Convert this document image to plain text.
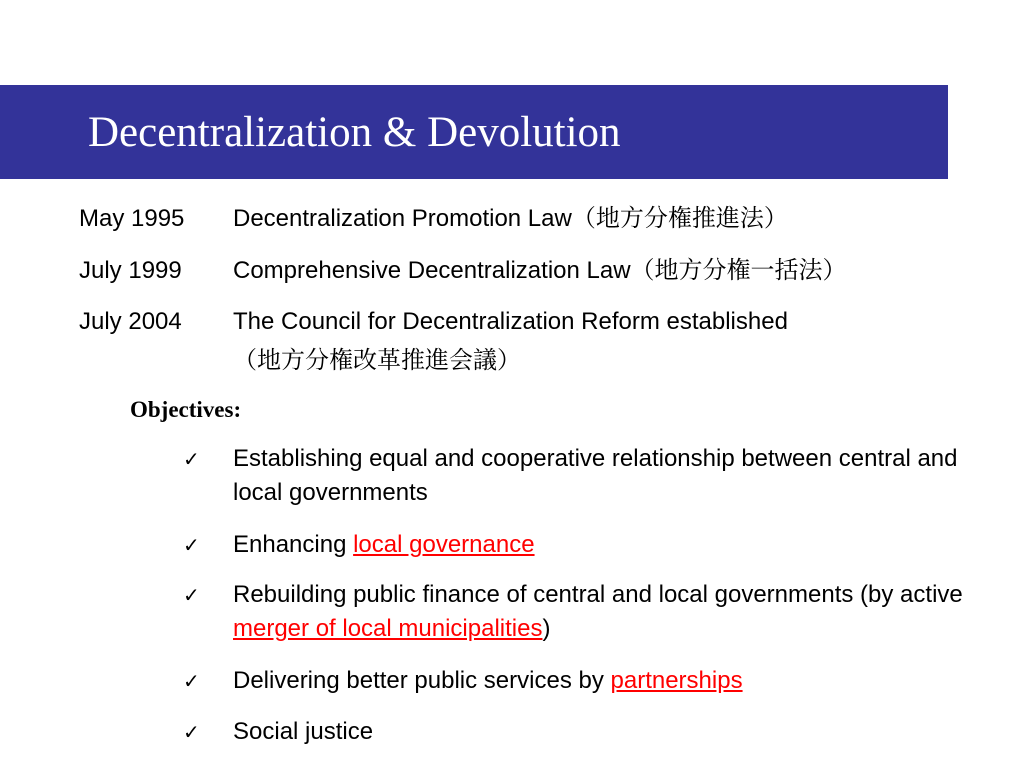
Decentralization & Devolution
May 1995 Decentralization Promotion Law（地方分権推進法）
July 1999 Comprehensive Decentralization Law（地方分権一括法）
July 2004 The Council for Decentralization Reform established
（地方分権改革推進会議）
Objectives:
✓ Establishing equal and cooperative relationship between central and local governments
✓ Enhancing local governance
✓ Rebuilding public finance of central and local governments (by active merger of local municipalities)
✓ Delivering better public services by partnerships
✓ Social justice
